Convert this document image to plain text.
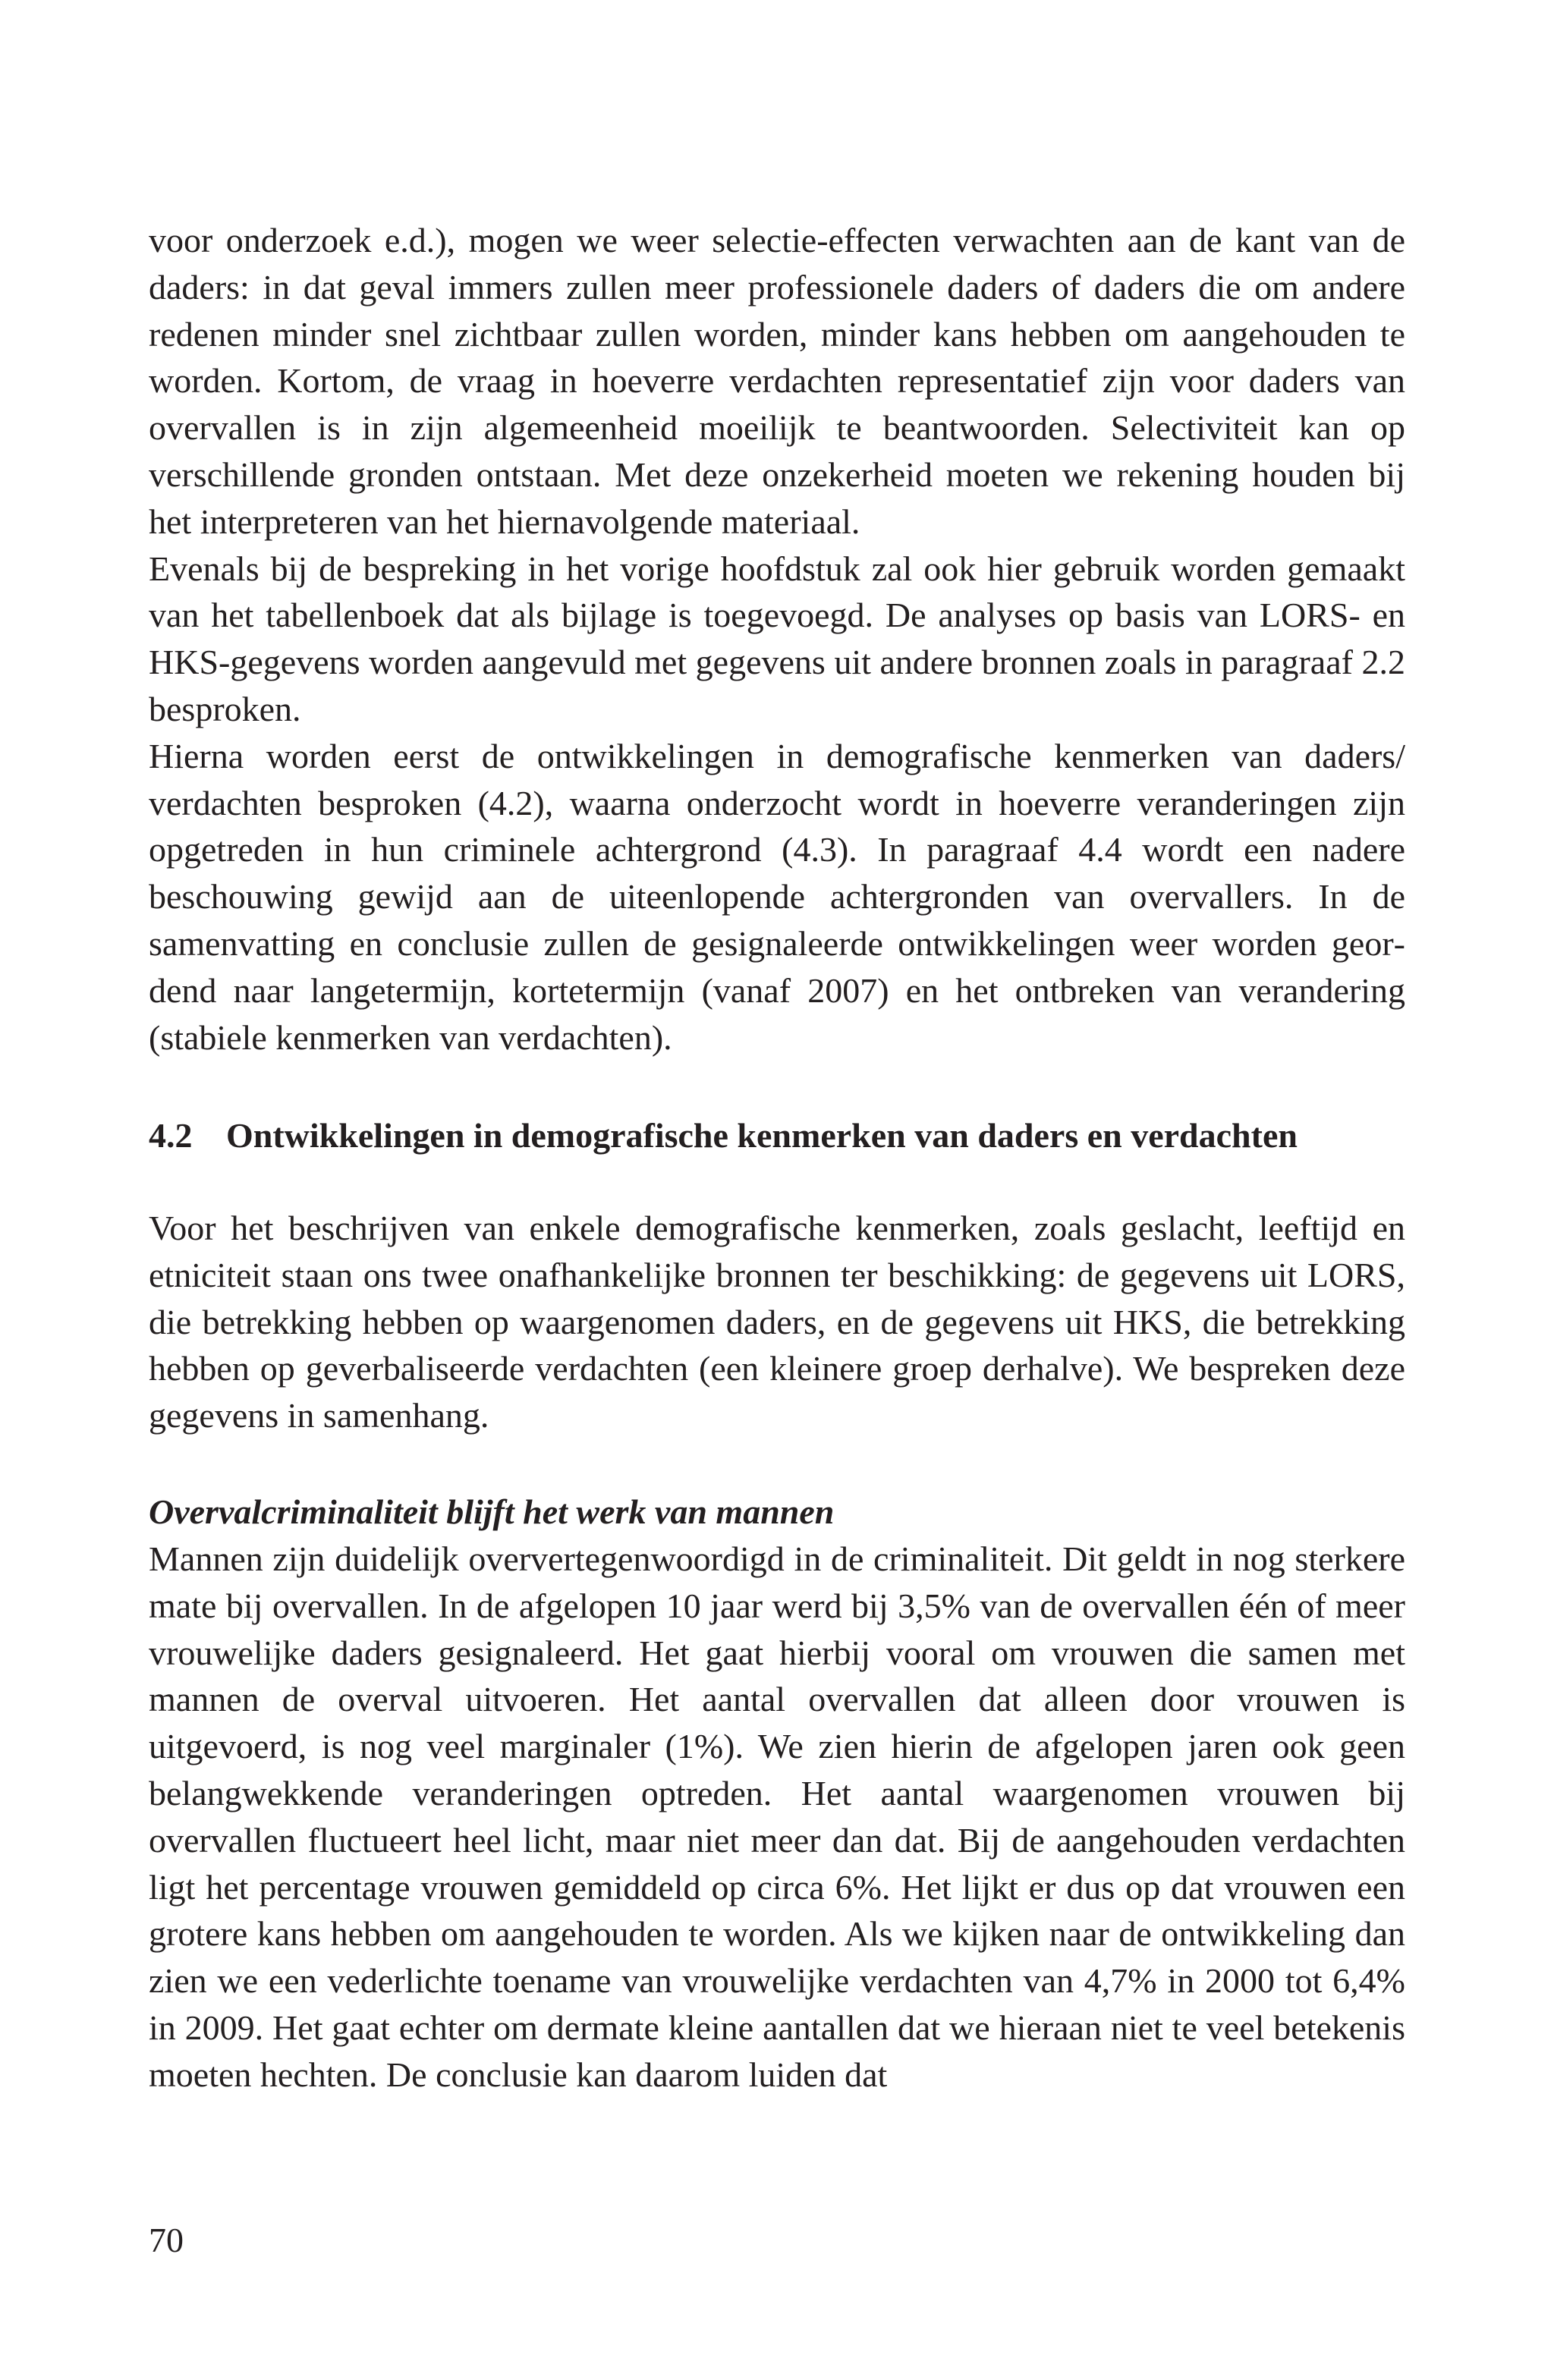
voor onderzoek e.d.), mogen we weer selectie-effecten verwachten aan de kant van de daders: in dat geval immers zullen meer professionele daders of daders die om andere redenen minder snel zichtbaar zullen worden, minder kans hebben om aangehouden te worden. Kortom, de vraag in hoeverre verdachten representatief zijn voor daders van overvallen is in zijn algemeenheid moeilijk te beantwoorden. Selectiviteit kan op verschillende gronden ontstaan. Met deze onzekerheid moeten we rekening houden bij het interpreteren van het hiernavolgende materiaal.

Evenals bij de bespreking in het vorige hoofdstuk zal ook hier gebruik worden gemaakt van het tabellenboek dat als bijlage is toegevoegd. De analyses op basis van LORS- en HKS-gegevens worden aangevuld met gegevens uit andere bronnen zoals in paragraaf 2.2 besproken.

Hierna worden eerst de ontwikkelingen in demografische kenmerken van daders/​verdachten besproken (4.2), waarna onderzocht wordt in hoeverre veranderingen zijn opgetreden in hun criminele achtergrond (4.3). In paragraaf 4.4 wordt een nadere beschouwing gewijd aan de uiteenlopende achtergronden van overvallers. In de samenvatting en conclusie zullen de gesignaleerde ontwikkelingen weer worden geordend naar langetermijn, kortetermijn (vanaf 2007) en het ontbreken van verandering (stabiele kenmerken van verdachten).

4.2 Ontwikkelingen in demografische kenmerken van daders en verdachten

Voor het beschrijven van enkele demografische kenmerken, zoals geslacht, leeftijd en etniciteit staan ons twee onafhankelijke bronnen ter beschikking: de gegevens uit LORS, die betrekking hebben op waargenomen daders, en de gegevens uit HKS, die betrekking hebben op geverbaliseerde verdachten (een kleinere groep derhalve). We bespreken deze gegevens in samenhang.

Overvalcriminaliteit blijft het werk van mannen

Mannen zijn duidelijk oververtegenwoordigd in de criminaliteit. Dit geldt in nog sterkere mate bij overvallen. In de afgelopen 10 jaar werd bij 3,5% van de overvallen één of meer vrouwelijke daders gesignaleerd. Het gaat hierbij vooral om vrouwen die samen met mannen de overval uitvoeren. Het aantal overvallen dat alleen door vrouwen is uitgevoerd, is nog veel marginaler (1%). We zien hierin de afgelopen jaren ook geen belangwekkende veranderingen optreden. Het aantal waargenomen vrouwen bij overvallen fluctueert heel licht, maar niet meer dan dat. Bij de aangehouden verdachten ligt het percentage vrouwen gemiddeld op circa 6%. Het lijkt er dus op dat vrouwen een grotere kans hebben om aangehouden te worden. Als we kijken naar de ontwikkeling dan zien we een vederlichte toename van vrouwelijke verdachten van 4,7% in 2000 tot 6,4% in 2009. Het gaat echter om dermate kleine aantallen dat we hieraan niet te veel betekenis moeten hechten. De conclusie kan daarom luiden dat

70
